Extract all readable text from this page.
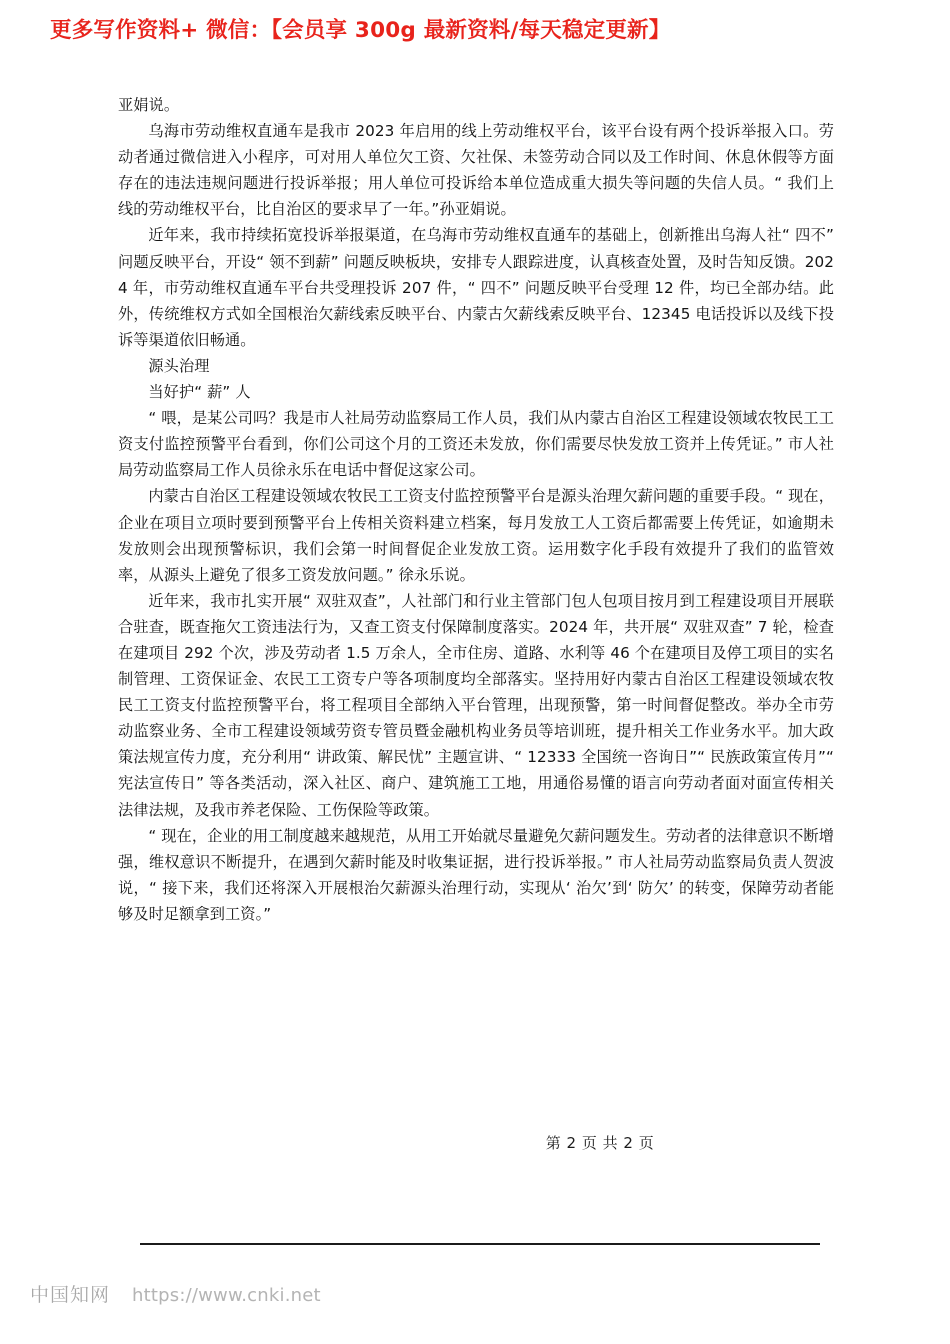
更多写作资料+ 微信：【会员享 300g 最新资料/每天稳定更新】

亚娟说。

乌海市劳动维权直通车是我市 2023 年启用的线上劳动维权平台，该平台设有两个投诉举报入口。劳动者通过微信进入小程序，可对用人单位欠工资、欠社保、未签劳动合同以及工作时间、休息休假等方面存在的违法违规问题进行投诉举报；用人单位可投诉给本单位造成重大损失等问题的失信人员。“ 我们上线的劳动维权平台，比自治区的要求早了一年。”孙亚娟说。

近年来，我市持续拓宽投诉举报渠道，在乌海市劳动维权直通车的基础上，创新推出乌海人社“ 四不” 问题反映平台，开设“ 领不到薪” 问题反映板块，安排专人跟踪进度，认真核查处置，及时告知反馈。2024 年，市劳动维权直通车平台共受理投诉 207 件，“ 四不” 问题反映平台受理 12 件，均已全部办结。此外，传统维权方式如全国根治欠薪线索反映平台、内蒙古欠薪线索反映平台、12345 电话投诉以及线下投诉等渠道依旧畅通。

源头治理

当好护“ 薪” 人

“ 喂，是某公司吗？我是市人社局劳动监察局工作人员，我们从内蒙古自治区工程建设领域农牧民工工资支付监控预警平台看到，你们公司这个月的工资还未发放，你们需要尽快发放工资并上传凭证。” 市人社局劳动监察局工作人员徐永乐在电话中督促这家公司。

内蒙古自治区工程建设领域农牧民工工资支付监控预警平台是源头治理欠薪问题的重要手段。“ 现在，企业在项目立项时要到预警平台上传相关资料建立档案，每月发放工人工资后都需要上传凭证，如逾期未发放则会出现预警标识，我们会第一时间督促企业发放工资。运用数字化手段有效提升了我们的监管效率，从源头上避免了很多工资发放问题。” 徐永乐说。

近年来，我市扎实开展“ 双驻双查”，人社部门和行业主管部门包人包项目按月到工程建设项目开展联合驻查，既查拖欠工资违法行为，又查工资支付保障制度落实。2024 年，共开展“ 双驻双查” 7 轮，检查在建项目 292 个次，涉及劳动者 1.5 万余人，全市住房、道路、水利等 46 个在建项目及停工项目的实名制管理、工资保证金、农民工工资专户等各项制度均全部落实。坚持用好内蒙古自治区工程建设领域农牧民工工资支付监控预警平台，将工程项目全部纳入平台管理，出现预警，第一时间督促整改。举办全市劳动监察业务、全市工程建设领域劳资专管员暨金融机构业务员等培训班，提升相关工作业务水平。加大政策法规宣传力度，充分利用“ 讲政策、解民忧” 主题宣讲、“ 12333 全国统一咨询日”“ 民族政策宣传月”“ 宪法宣传日” 等各类活动，深入社区、商户、建筑施工工地，用通俗易懂的语言向劳动者面对面宣传相关法律法规，及我市养老保险、工伤保险等政策。

“ 现在，企业的用工制度越来越规范，从用工开始就尽量避免欠薪问题发生。劳动者的法律意识不断增强，维权意识不断提升，在遇到欠薪时能及时收集证据，进行投诉举报。” 市人社局劳动监察局负责人贺波说，“ 接下来，我们还将深入开展根治欠薪源头治理行动，实现从‘ 治欠’到‘ 防欠’ 的转变，保障劳动者能够及时足额拿到工资。”

第 2 页 共 2 页
中国知网 https://www.cnki.net
